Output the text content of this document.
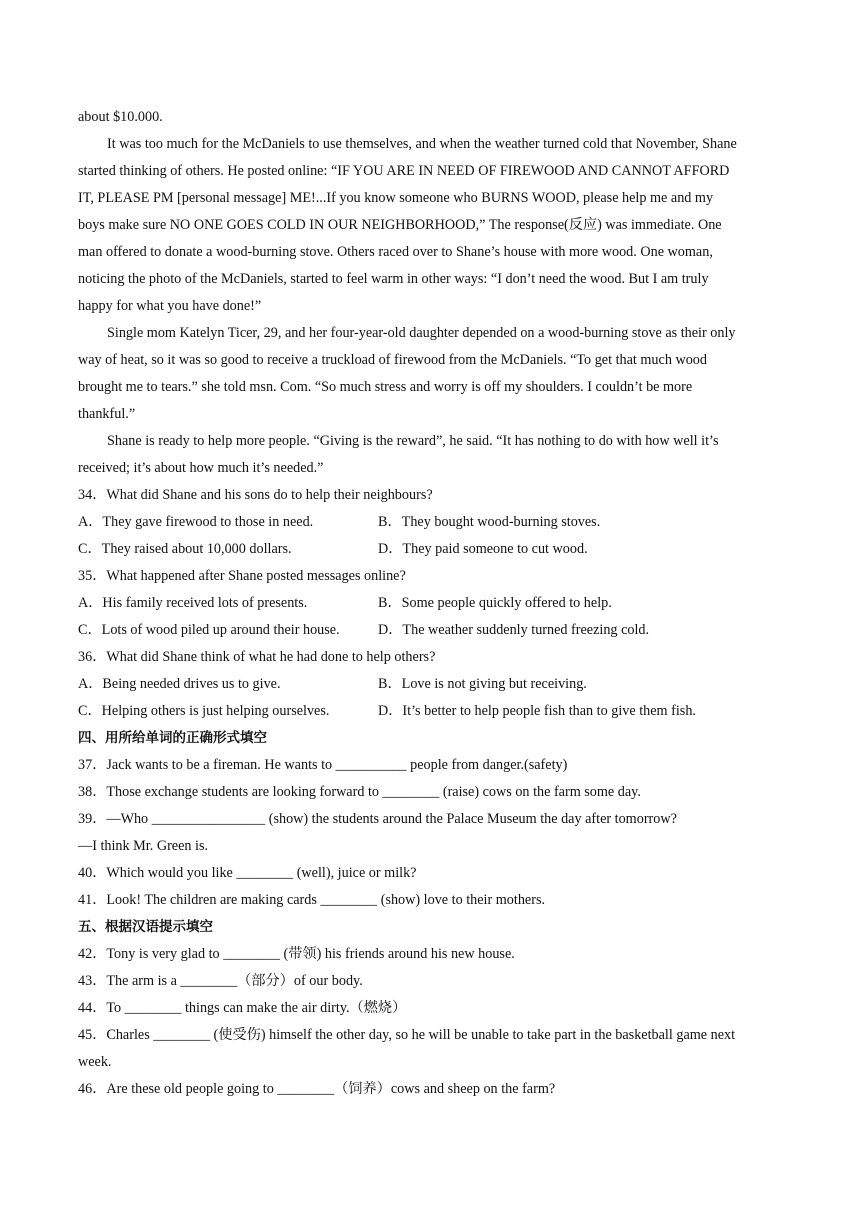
about $10.000.
It was too much for the McDaniels to use themselves, and when the weather turned cold that November, Shane
started thinking of others. He posted online: “IF YOU ARE IN NEED OF FIREWOOD AND CANNOT AFFORD
IT, PLEASE PM [personal message] ME!...If you know someone who BURNS WOOD, please help me and my
boys make sure NO ONE GOES COLD IN OUR NEIGHBORHOOD,” The response(反应) was immediate. One
man offered to donate a wood-burning stove. Others raced over to Shane’s house with more wood. One woman,
noticing the photo of the McDaniels, started to feel warm in other ways: “I don’t need the wood. But I am truly
happy for what you have done!”
Single mom Katelyn Ticer, 29, and her four-year-old daughter depended on a wood-burning stove as their only
way of heat, so it was so good to receive a truckload of firewood from the McDaniels. “To get that much wood
brought me to tears.” she told msn. Com. “So much stress and worry is off my shoulders. I couldn’t be more
thankful.”
Shane is ready to help more people. “Giving is the reward”, he said. “It has nothing to do with how well it’s
received; it’s about how much it’s needed.”
34．What did Shane and his sons do to help their neighbours?
A．They gave firewood to those in need.	B．They bought wood-burning stoves.
C．They raised about 10,000 dollars.	D．They paid someone to cut wood.
35．What happened after Shane posted messages online?
A．His family received lots of presents.	B．Some people quickly offered to help.
C．Lots of wood piled up around their house.	D．The weather suddenly turned freezing cold.
36．What did Shane think of what he had done to help others?
A．Being needed drives us to give.	B．Love is not giving but receiving.
C．Helping others is just helping ourselves.	D．It’s better to help people fish than to give them fish.
四、用所给单词的正确形式填空
37．Jack wants to be a fireman. He wants to __________ people from danger.(safety)
38．Those exchange students are looking forward to ________ (raise) cows on the farm some day.
39．—Who ________________ (show) the students around the Palace Museum the day after tomorrow?
—I think Mr. Green is.
40．Which would you like ________ (well), juice or milk?
41．Look! The children are making cards ________ (show) love to their mothers.
五、根据汉语提示填空
42．Tony is very glad to ________ (带领) his friends around his new house.
43．The arm is a ________（部分）of our body.
44．To ________ things can make the air dirty.（燃烧）
45．Charles ________ (使受伤) himself the other day, so he will be unable to take part in the basketball game next
week.
46．Are these old people going to ________（饲养）cows and sheep on the farm?
